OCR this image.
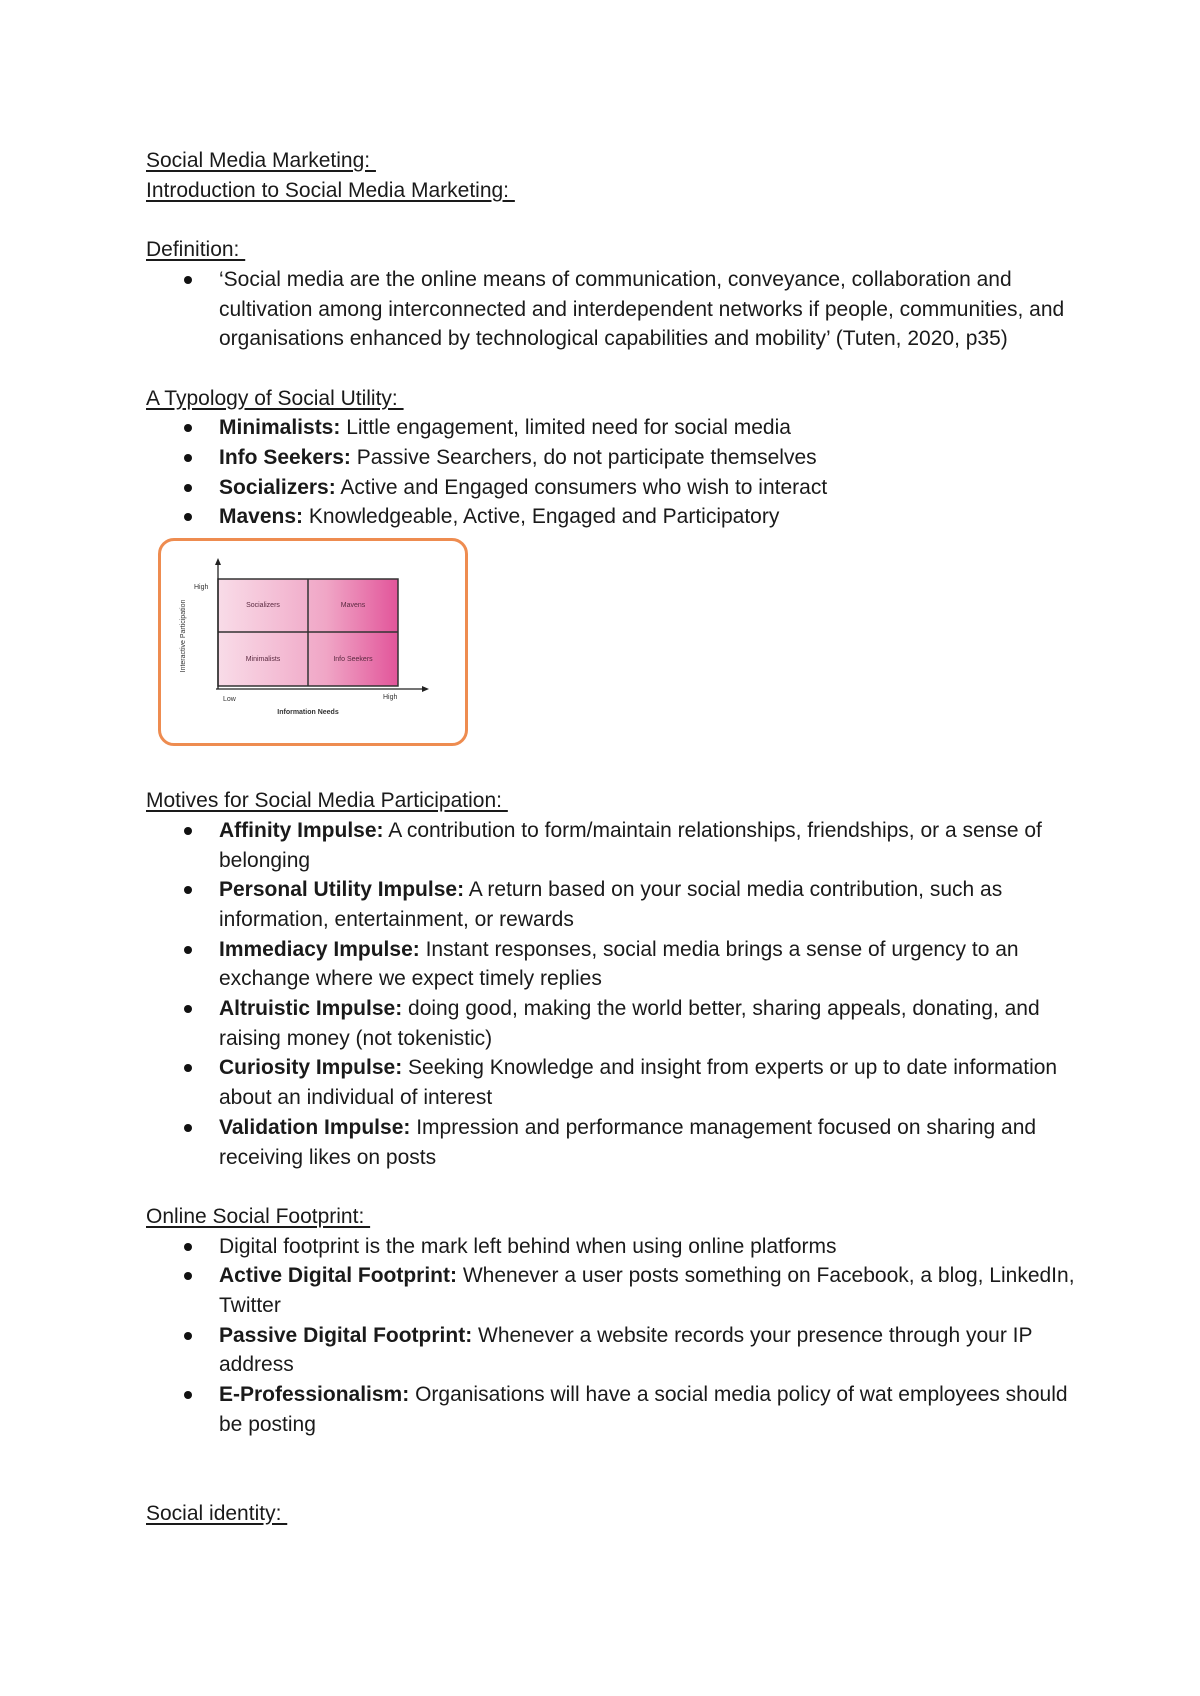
Social Media Marketing:
Introduction to Social Media Marketing:
Definition:
‘Social media are the online means of communication, conveyance, collaboration and cultivation among interconnected and interdependent networks if people, communities, and organisations enhanced by technological capabilities and mobility’ (Tuten, 2020, p35)
A Typology of Social Utility:
Minimalists: Little engagement, limited need for social media
Info Seekers: Passive Searchers, do not participate themselves
Socializers: Active and Engaged consumers who wish to interact
Mavens: Knowledgeable, Active, Engaged and Participatory
Socializers	Mavens
Minimalists	Info Seekers
High
Interactive Participation
Low	High
Information Needs
Motives for Social Media Participation:
Affinity Impulse: A contribution to form/maintain relationships, friendships, or a sense of belonging
Personal Utility Impulse: A return based on your social media contribution, such as information, entertainment, or rewards
Immediacy Impulse: Instant responses, social media brings a sense of urgency to an exchange where we expect timely replies
Altruistic Impulse: doing good, making the world better, sharing appeals, donating, and raising money (not tokenistic)
Curiosity Impulse: Seeking Knowledge and insight from experts or up to date information about an individual of interest
Validation Impulse: Impression and performance management focused on sharing and receiving likes on posts
Online Social Footprint:
Digital footprint is the mark left behind when using online platforms
Active Digital Footprint: Whenever a user posts something on Facebook, a blog, LinkedIn, Twitter
Passive Digital Footprint: Whenever a website records your presence through your IP address
E-Professionalism: Organisations will have a social media policy of wat employees should be posting
Social identity:
